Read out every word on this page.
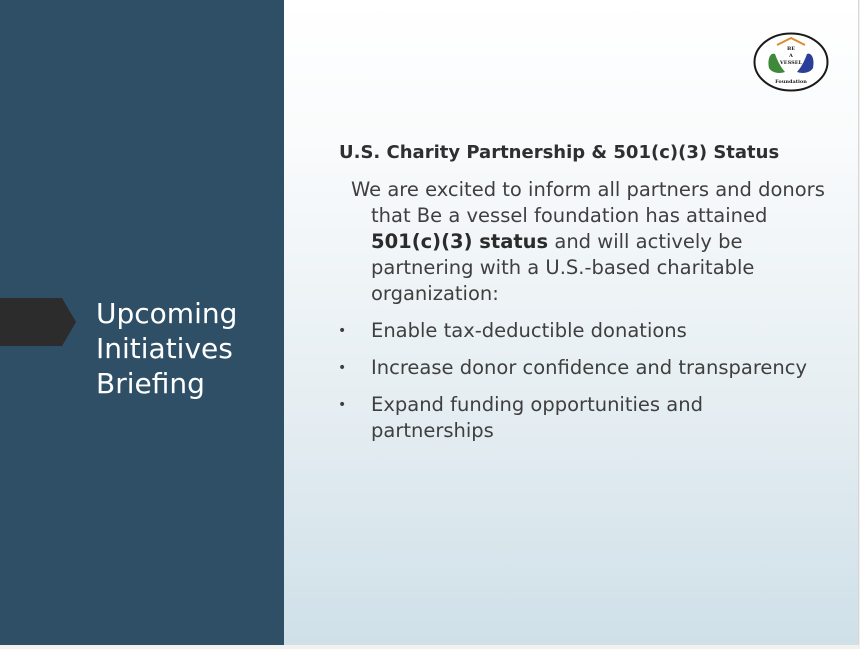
Upcoming
Initiatives
Briefing
BE
A
VESSEL
Foundation
U.S. Charity Partnership & 501(c)(3) Status
We are excited to inform all partners and donors that Be a vessel foundation has attained 501(c)(3) status and will actively be partnering with a U.S.-based charitable organization:
• Enable tax-deductible donations
• Increase donor confidence and transparency
• Expand funding opportunities and partnerships
